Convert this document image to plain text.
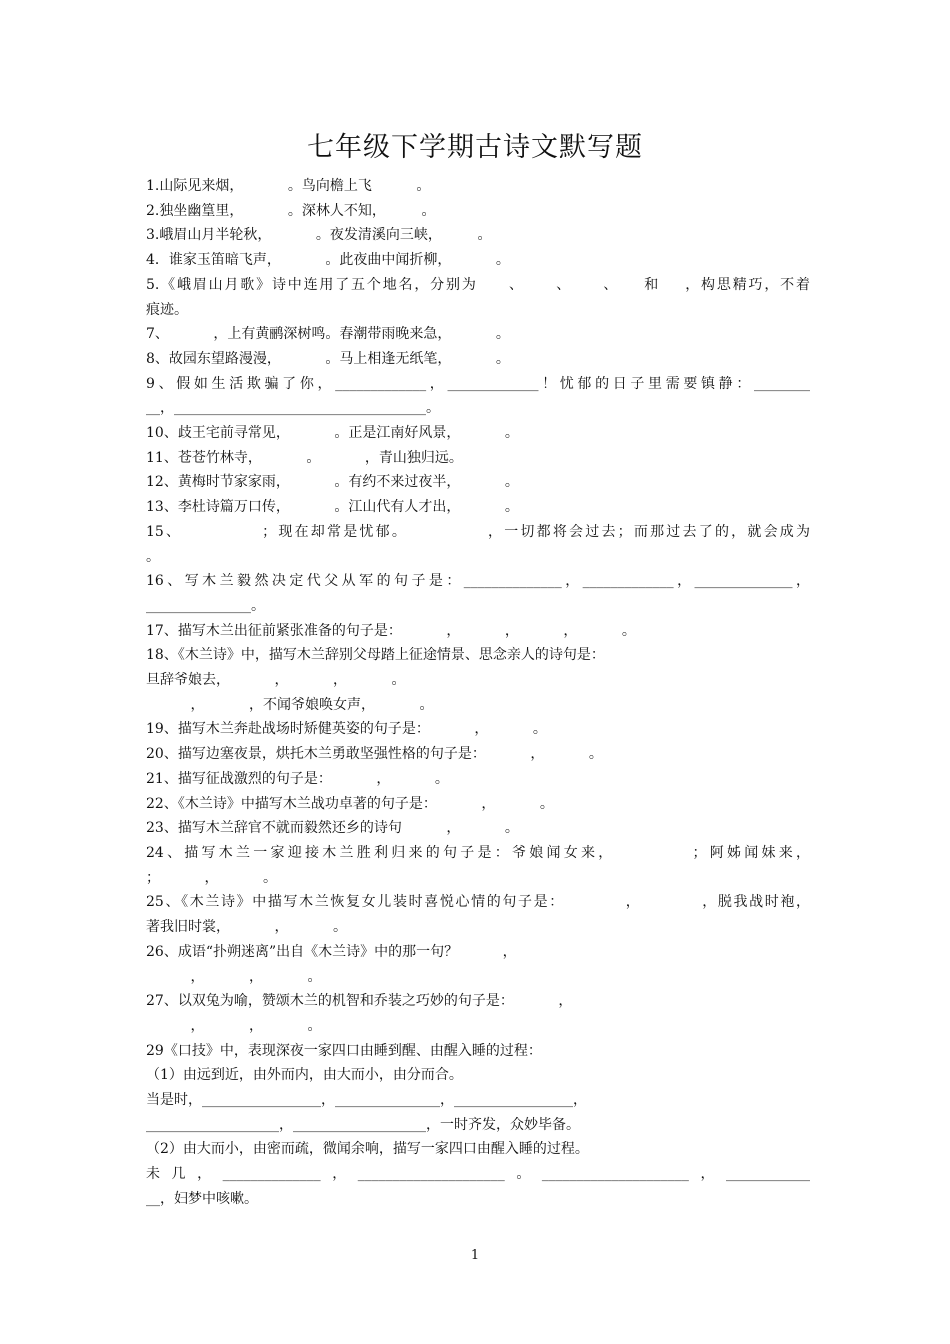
七年级下学期古诗文默写题
1.山际见来烟，          。鸟向檐上飞          。
2.独坐幽篁里，          。深林人不知，        。
3.峨眉山月半轮秋，          。夜发清溪向三峡，        。
4．谁家玉笛暗飞声，          。此夜曲中闻折柳，          。
5.《峨眉山月歌》诗中连用了五个地名，分别为     、     、     、    和    ，构思精巧，不着
痕迹。
7、          ，上有黄鹂深树鸣。春潮带雨晚来急，          。
8、故园东望路漫漫，          。马上相逢无纸笔，          。
9、假如生活欺骗了你，_____________，_____________！忧郁的日子里需要镇静：________
__，____________________________________。
10、歧王宅前寻常见，          。正是江南好风景，          。
11、苍苍竹林寺，          。          ，青山独归远。
12、黄梅时节家家雨，          。有约不来过夜半，          。
13、李杜诗篇万口传，          。江山代有人才出，          。
15、            ；现在却常是忧郁。            ，一切都将会过去；而那过去了的，就会成为
。
16、写木兰毅然决定代父从军的句子是：______________，_____________，______________，
_______________。
17、描写木兰出征前紧张准备的句子是：          ，          ，          ，          。
18、《木兰诗》中，描写木兰辞别父母踏上征途情景、思念亲人的诗句是：
旦辞爷娘去，          ，          ，          。
，          ，不闻爷娘唤女声，          。
19、描写木兰奔赴战场时矫健英姿的句子是：          ，          。
20、描写边塞夜景，烘托木兰勇敢坚强性格的句子是：          ，          。
21、描写征战激烈的句子是：          ，          。
22、《木兰诗》中描写木兰战功卓著的句子是：          ，          。
23、描写木兰辞官不就而毅然还乡的诗句          ，          。
24、描写木兰一家迎接木兰胜利归来的句子是：爷娘闻女来，          ；阿姊闻妹来，
；          ，          。
25、《木兰诗》中描写木兰恢复女儿装时喜悦心情的句子是：          ，          ，脱我战时袍，
著我旧时裳，          ，          。
26、成语“扑朔迷离”出自《木兰诗》中的那一句？          ，
，          ，          。
27、以双兔为喻，赞颂木兰的机智和乔装之巧妙的句子是：          ，
，          ，          。
29《口技》中，表现深夜一家四口由睡到醒、由醒入睡的过程：
（1）由远到近，由外而内，由大而小，由分而合。
当是时，_________________，_______________，_________________，
___________________，___________________，一时齐发，众妙毕备。
（2）由大而小，由密而疏，微闻余响，描写一家四口由醒入睡的过程。
未几，______________，_____________________。_____________________，____________
__，妇梦中咳嗽。
1
